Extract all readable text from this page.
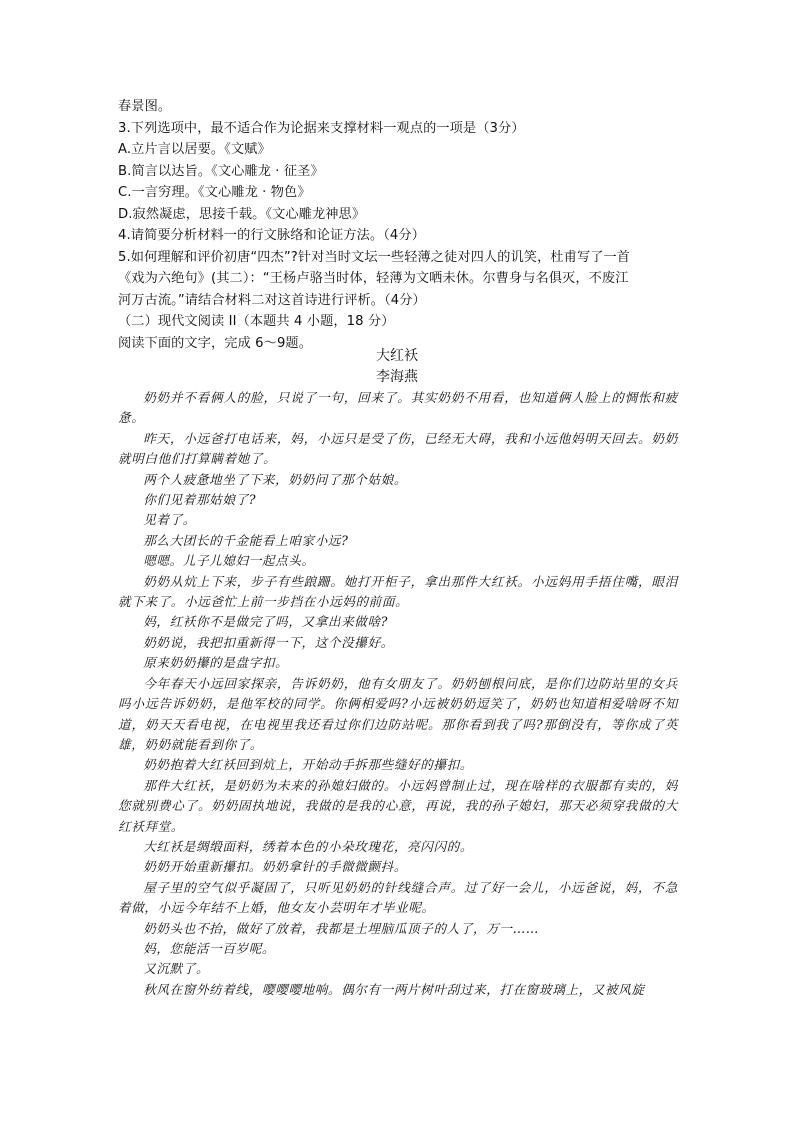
春景图。
3.下列选项中，最不适合作为论据来支撑材料一观点的一项是（3分）
A.立片言以居要。《文赋》
B.简言以达旨。《文心雕龙 · 征圣》
C.一言穷理。《文心雕龙 · 物色》
D.寂然凝虑，思接千载。《文心雕龙神思》
4.请简要分析材料一的行文脉络和论证方法。（4分）
5.如何理解和评价初唐“四杰”?针对当时文坛一些轻薄之徒对四人的讥笑，杜甫写了一首
《戏为六绝句》(其二）：“王杨卢骆当时体，轻薄为文哂未休。尔曹身与名俱灭，不废江
河万古流。”请结合材料二对这首诗进行评析。（4分）
（二）现代文阅读 II（本题共 4 小题，18 分）
阅读下面的文字，完成 6～9题。
大红袄
李海燕

奶奶并不看俩人的脸，只说了一句，回来了。其实奶奶不用看，也知道俩人脸上的惆怅和疲惫。

昨天，小远爸打电话来，妈，小远只是受了伤，已经无大碍，我和小远他妈明天回去。奶奶就明白他们打算瞒着她了。

两个人疲惫地坐了下来，奶奶问了那个姑娘。

你们见着那姑娘了?

见着了。

那么大团长的千金能看上咱家小远?

嗯嗯。儿子儿媳妇一起点头。

奶奶从炕上下来，步子有些踉跚。她打开柜子，拿出那件大红袄。小远妈用手捂住嘴，眼泪就下来了。小远爸忙上前一步挡在小远妈的前面。

妈，红袄你不是做完了吗，又拿出来做啥?

奶奶说，我把扣重新得一下，这个没攥好。

原来奶奶攥的是盘字扣。

今年春天小远回家探亲，告诉奶奶，他有女朋友了。奶奶刨根问底，是你们边防站里的女兵吗小远告诉奶奶，是他军校的同学。你俩相爱吗?小远被奶奶逗笑了，奶奶也知道相爱啥呀不知道，奶天天看电视，在电视里我还看过你们边防站呢。那你看到我了吗?那倒没有，等你成了英雄，奶奶就能看到你了。

奶奶抱着大红袄回到炕上，开始动手拆那些缝好的攥扣。

那件大红袄，是奶奶为未来的孙媳妇做的。小远妈曾制止过，现在啥样的衣服都有卖的，妈您就别费心了。奶奶固执地说，我做的是我的心意，再说，我的孙子媳妇，那天必须穿我做的大红袄拜堂。

大红袄是绸缎面料，绣着本色的小朵玫瑰花，亮闪闪的。

奶奶开始重新攥扣。奶奶拿针的手微微颤抖。

屋子里的空气似乎凝固了，只听见奶奶的针线缝合声。过了好一会儿，小远爸说，妈，不急着做，小远今年结不上婚，他女友小芸明年才毕业呢。

奶奶头也不抬，做好了放着，我都是土埋脑瓜顶子的人了，万一……

妈，您能活一百岁呢。

又沉默了。

秋风在窗外纺着线，嘤嘤嘤地响。偶尔有一两片树叶刮过来，打在窗玻璃上，又被风旋
